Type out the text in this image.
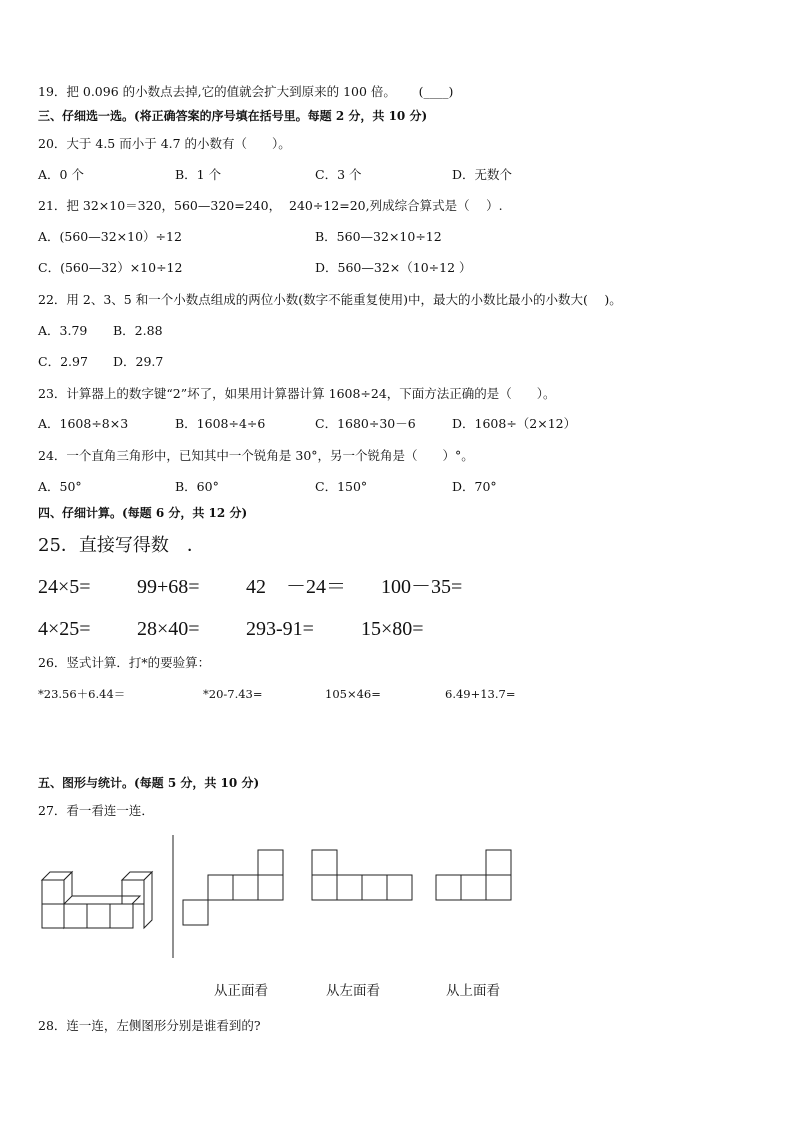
19．把 0.096 的小数点去掉,它的值就会扩大到原来的 100 倍。　　 (____)
三、仔细选一选。(将正确答案的序号填在括号里。每题 2 分，共 10 分)
20．大于 4.5 而小于 4.7 的小数有（　　）。
A．0 个	B．1 个	C．3 个	D．无数个
21．把 32×10＝320，560—320=240，  240÷12=20,列成综合算式是（　 ）.
A．(560—32×10）÷12	B．560—32×10÷12
C．(560—32）×10÷12	D．560—32×（10÷12 ）
22．用 2、3、5 和一个小数点组成的两位小数(数字不能重复使用)中，最大的小数比最小的小数大(　 )。
A．3.79 B．2.88
C．2.97 D．29.7
23．计算器上的数字键“2”坏了，如果用计算器计算 1608÷24，下面方法正确的是（　　）。
A．1608÷8×3	B．1608÷4÷6	C．1680÷30－6	D．1608÷（2×12）
24．一个直角三角形中，已知其中一个锐角是 30°，另一个锐角是（　　）°。
A．50°	B．60°	C．150°	D．70°
四、仔细计算。(每题 6 分，共 12 分)
25．直接写得数　．
24×5= 99+68= 42　－24＝ 100－35=
4×25= 28×40= 293-91= 15×80=
26．竖式计算．打*的要验算：
*23.56＋6.44＝	*20-7.43=	105×46=	6.49+13.7=
五、图形与统计。(每题 5 分，共 10 分)
27．看一看连一连．
从正面看	从左面看	从上面看
28．连一连，左侧图形分别是谁看到的?
